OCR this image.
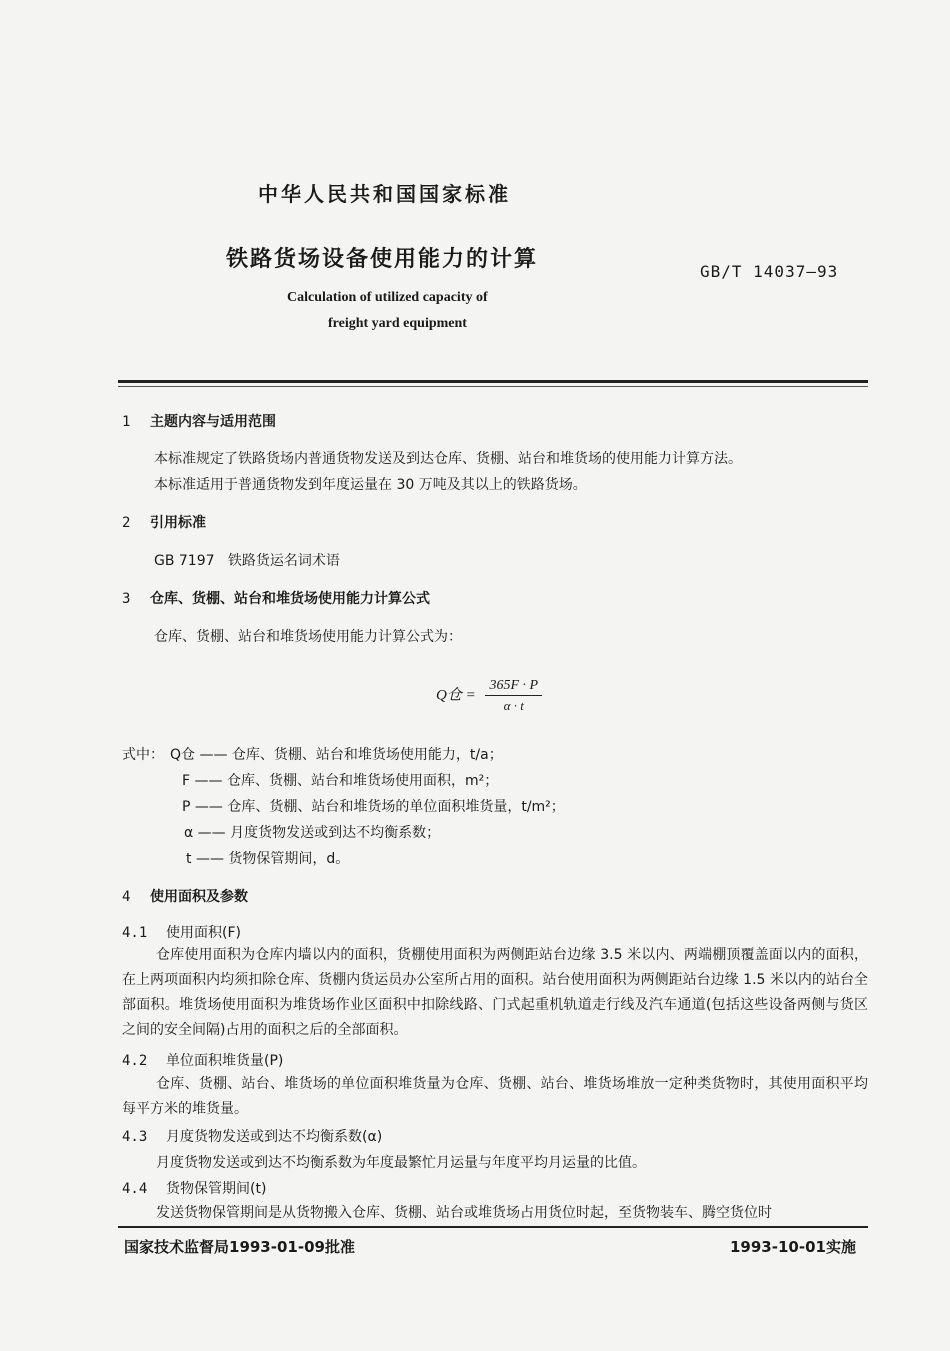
中华人民共和国国家标准
铁路货场设备使用能力的计算	GB/T 14037—93
Calculation of utilized capacity of
freight yard equipment
1 主题内容与适用范围
本标准规定了铁路货场内普通货物发送及到达仓库、货棚、站台和堆货场的使用能力计算方法。
本标准适用于普通货物发到年度运量在 30 万吨及其以上的铁路货场。
2 引用标准
GB 7197   铁路货运名词术语
3 仓库、货棚、站台和堆货场使用能力计算公式
仓库、货棚、站台和堆货场使用能力计算公式为：
Q仓 = $\frac{365F \cdot P}{\alpha \cdot t}$
式中： Q仓 —— 仓库、货棚、站台和堆货场使用能力，t/a；
F —— 仓库、货棚、站台和堆货场使用面积，m²；
P —— 仓库、货棚、站台和堆货场的单位面积堆货量，t/m²；
α —— 月度货物发送或到达不均衡系数；
t —— 货物保管期间，d。
4 使用面积及参数
4.1 使用面积(F)
仓库使用面积为仓库内墙以内的面积，货棚使用面积为两侧距站台边缘 3.5 米以内、两端棚顶覆盖面以内的面积，在上两项面积内均须扣除仓库、货棚内货运员办公室所占用的面积。站台使用面积为两侧距站台边缘 1.5 米以内的站台全部面积。堆货场使用面积为堆货场作业区面积中扣除线路、门式起重机轨道走行线及汽车通道(包括这些设备两侧与货区之间的安全间隔)占用的面积之后的全部面积。
4.2 单位面积堆货量(P)
仓库、货棚、站台、堆货场的单位面积堆货量为仓库、货棚、站台、堆货场堆放一定种类货物时，其使用面积平均每平方米的堆货量。
4.3 月度货物发送或到达不均衡系数(α)
月度货物发送或到达不均衡系数为年度最繁忙月运量与年度平均月运量的比值。
4.4 货物保管期间(t)
发送货物保管期间是从货物搬入仓库、货棚、站台或堆货场占用货位时起，至货物装车、腾空货位时
国家技术监督局1993-01-09批准	1993-10-01实施
